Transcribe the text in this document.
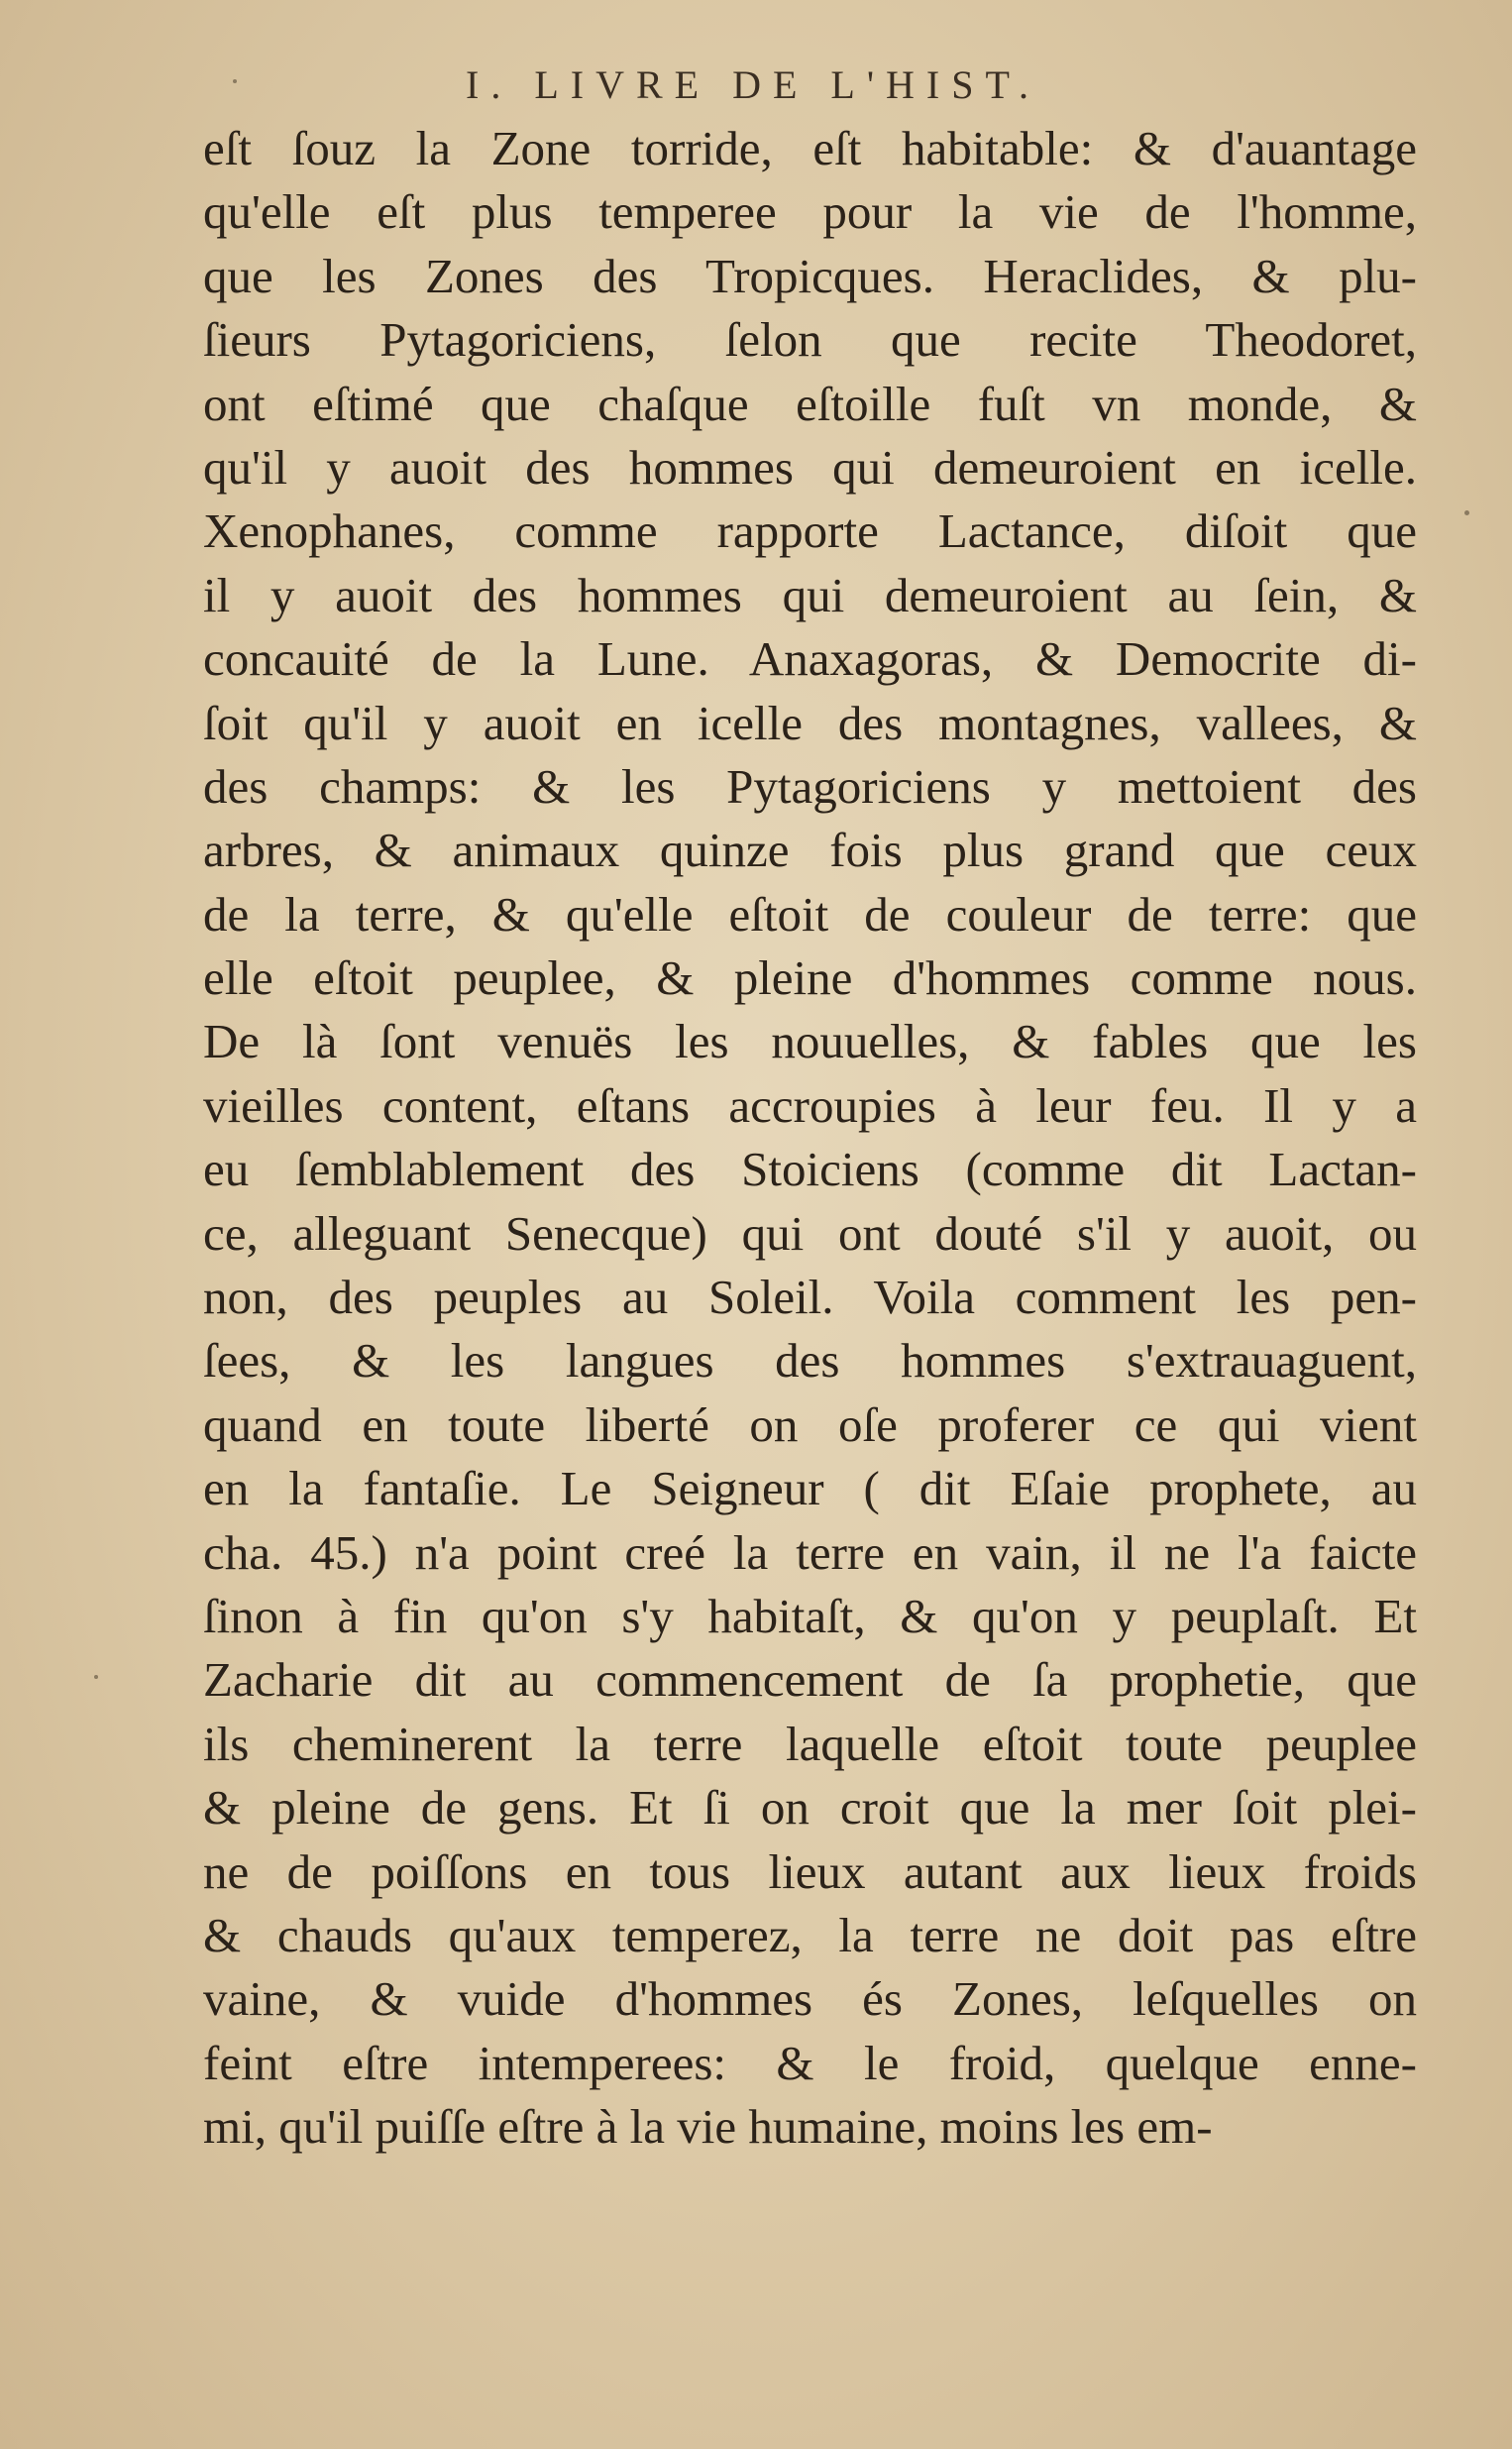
I. LIVRE DE L'HIST.
eſt ſouz la Zone torride, eſt habitable: & d'auantage
qu'elle eſt plus temperee pour la vie de l'homme,
que les Zones des Tropicques. Heraclides, & plu-
ſieurs Pytagoriciens, ſelon que recite Theodoret,
ont eſtimé que chaſque eſtoille fuſt vn monde, &
qu'il y auoit des hommes qui demeuroient en icelle.
Xenophanes, comme rapporte Lactance, diſoit que
il y auoit des hommes qui demeuroient au ſein, &
concauité de la Lune. Anaxagoras, & Democrite di-
ſoit qu'il y auoit en icelle des montagnes, vallees, &
des champs: & les Pytagoriciens y mettoient des
arbres, & animaux quinze fois plus grand que ceux
de la terre, & qu'elle eſtoit de couleur de terre: que
elle eſtoit peuplee, & pleine d'hommes comme nous.
De là ſont venuës les nouuelles, & fables que les
vieilles content, eſtans accroupies à leur feu. Il y a
eu ſemblablement des Stoiciens (comme dit Lactan-
ce, alleguant Senecque) qui ont douté s'il y auoit, ou
non, des peuples au Soleil. Voila comment les pen-
ſees, & les langues des hommes s'extrauaguent,
quand en toute liberté on oſe proferer ce qui vient
en la fantaſie. Le Seigneur ( dit Eſaie prophete, au
cha. 45.) n'a point creé la terre en vain, il ne l'a faicte
ſinon à fin qu'on s'y habitaſt, & qu'on y peuplaſt. Et
Zacharie dit au commencement de ſa prophetie, que
ils cheminerent la terre laquelle eſtoit toute peuplee
& pleine de gens. Et ſi on croit que la mer ſoit plei-
ne de poiſſons en tous lieux autant aux lieux froids
& chauds qu'aux temperez, la terre ne doit pas eſtre
vaine, & vuide d'hommes és Zones, leſquelles on
feint eſtre intemperees: & le froid, quelque enne-
mi, qu'il puiſſe eſtre à la vie humaine, moins les em-
